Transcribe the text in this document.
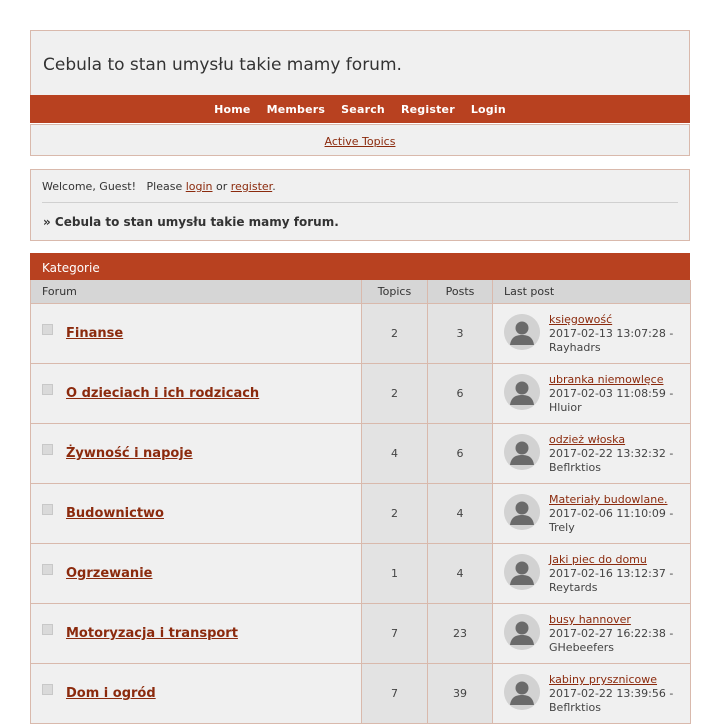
Cebula to stan umysłu takie mamy forum.
Home Members Search Register Login
Active Topics
Welcome, Guest!   Please login or register.
» Cebula to stan umysłu takie mamy forum.
Kategorie
Forum	Topics	Posts	Last post

Finanse	2	3	księgowość
2017-02-13 13:07:28 -
Rayhadrs

O dzieciach i ich rodzicach	2	6	ubranka niemowlęce
2017-02-03 11:08:59 -
Hluior

Żywność i napoje	4	6	odzież włoska
2017-02-22 13:32:32 -
Beflrktios

Budownictwo	2	4	Materiały budowlane.
2017-02-06 11:10:09 -
Trely

Ogrzewanie	1	4	Jaki piec do domu
2017-02-16 13:12:37 -
Reytards

Motoryzacja i transport	7	23	busy hannover
2017-02-27 16:22:38 -
GHebeefers

Dom i ogród	7	39	kabiny prysznicowe
2017-02-22 13:39:56 -
Beflrktios
